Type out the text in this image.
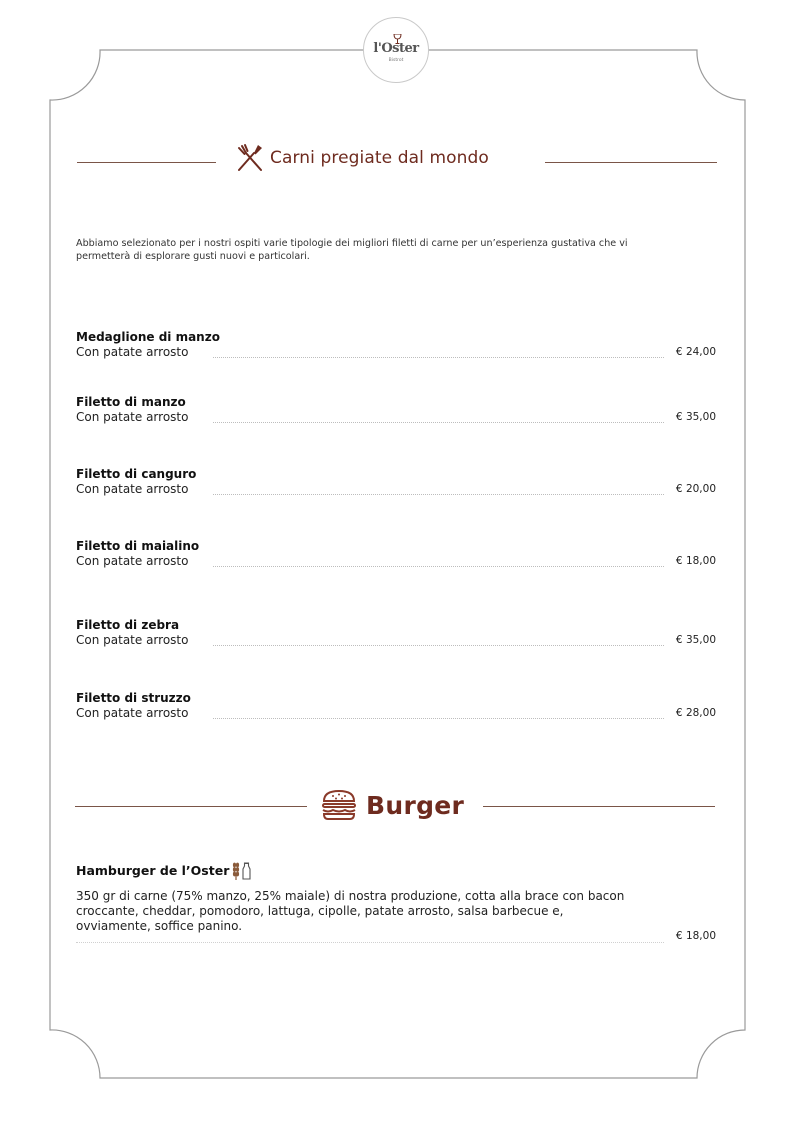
l'Oster
Bistrot
Carni pregiate dal mondo

Abbiamo selezionato per i nostri ospiti varie tipologie dei migliori filetti di carne per un’esperienza gustativa che vi permetterà di esplorare gusti nuovi e particolari.

Medaglione di manzo
Con patate arrosto	€ 24,00
Filetto di manzo
Con patate arrosto	€ 35,00
Filetto di canguro
Con patate arrosto	€ 20,00
Filetto di maialino
Con patate arrosto	€ 18,00
Filetto di zebra
Con patate arrosto	€ 35,00
Filetto di struzzo
Con patate arrosto	€ 28,00
Burger
Hamburger de l’Oster
350 gr di carne (75% manzo, 25% maiale) di nostra produzione, cotta alla brace con bacon croccante, cheddar, pomodoro, lattuga, cipolle, patate arrosto, salsa barbecue e, ovviamente, soffice panino.
€ 18,00
